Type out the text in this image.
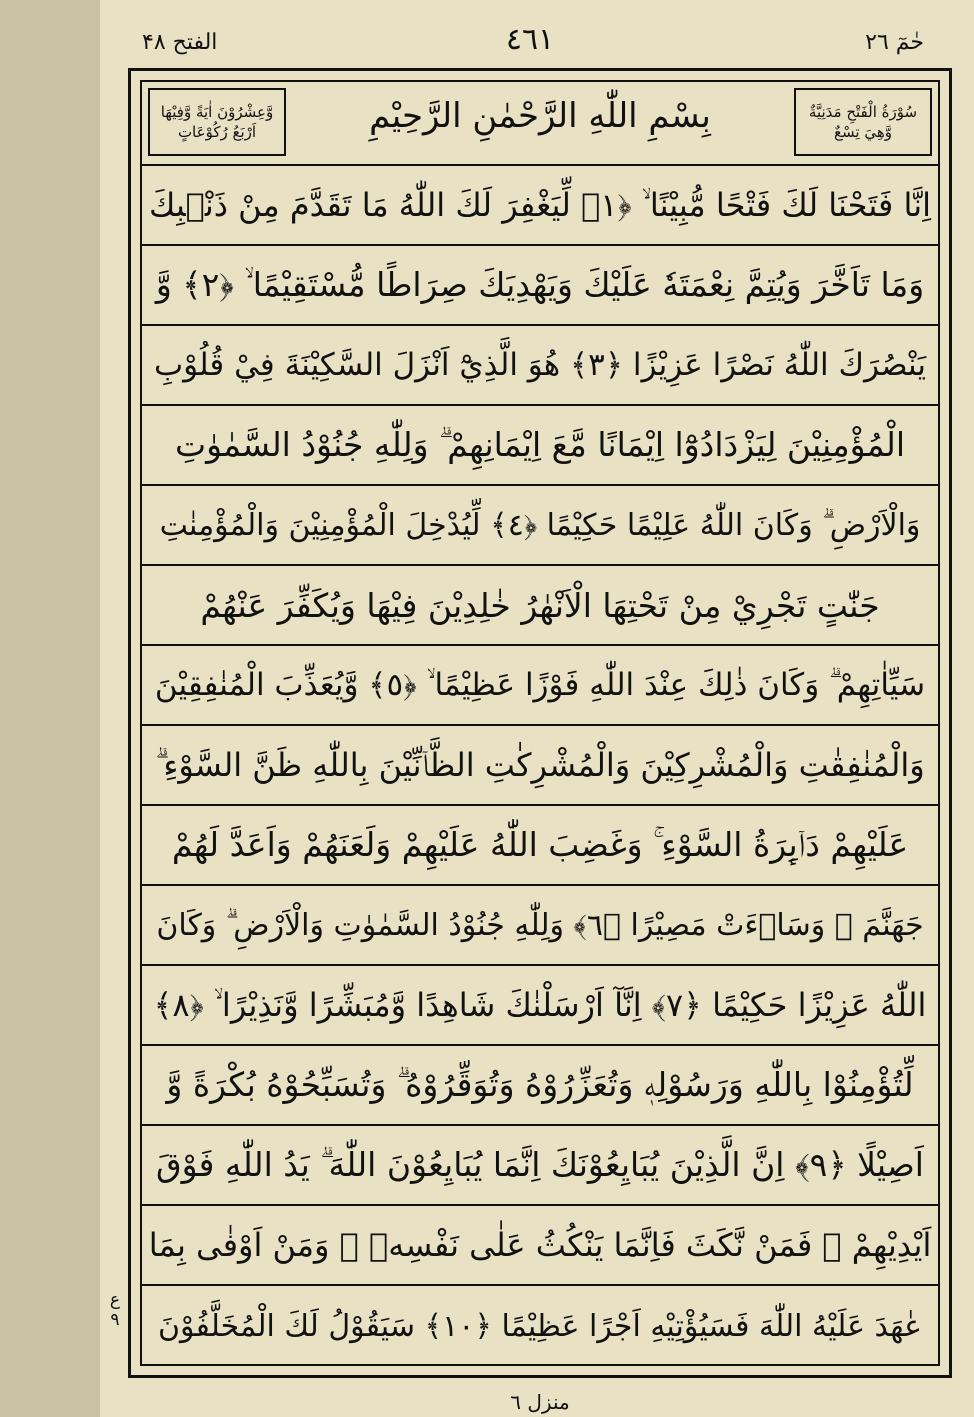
الفتح ۴۸	٤٦١	حٰمٓ ٢٦
وَّعِشْرُوْنَ اٰيَةً وَّفِيْهَا اَرْبَعُ رُكُوْعَاتٍ	بِسْمِ اللّٰهِ الرَّحْمٰنِ الرَّحِيْمِ	سُوْرَةُ الْفَتْحِ مَدَنِيَّةٌ وَّهِيَ تِسْعٌ
اِنَّا فَتَحْنَا لَكَ فَتْحًا مُّبِيْنًا ۙ ﴿١﴾ لِّيَغْفِرَ لَكَ اللّٰهُ مَا تَقَدَّمَ مِنْ ذَنْۢبِكَ
وَمَا تَاَخَّرَ وَيُتِمَّ نِعْمَتَهٗ عَلَيْكَ وَيَهْدِيَكَ صِرَاطًا مُّسْتَقِيْمًا ۙ ﴿٢﴾ وَّ
يَنْصُرَكَ اللّٰهُ نَصْرًا عَزِيْزًا ﴿٣﴾ هُوَ الَّذِيْٓ اَنْزَلَ السَّكِيْنَةَ فِيْ قُلُوْبِ
الْمُؤْمِنِيْنَ لِيَزْدَادُوْٓا اِيْمَانًا مَّعَ اِيْمَانِهِمْ ۗ وَلِلّٰهِ جُنُوْدُ السَّمٰوٰتِ
وَالْاَرْضِ ۗ وَكَانَ اللّٰهُ عَلِيْمًا حَكِيْمًا ﴿٤﴾ لِّيُدْخِلَ الْمُؤْمِنِيْنَ وَالْمُؤْمِنٰتِ
جَنّٰتٍ تَجْرِيْ مِنْ تَحْتِهَا الْاَنْهٰرُ خٰلِدِيْنَ فِيْهَا وَيُكَفِّرَ عَنْهُمْ
سَيِّاٰتِهِمْ ۗ وَكَانَ ذٰلِكَ عِنْدَ اللّٰهِ فَوْزًا عَظِيْمًا ۙ ﴿٥﴾ وَّيُعَذِّبَ الْمُنٰفِقِيْنَ
وَالْمُنٰفِقٰتِ وَالْمُشْرِكِيْنَ وَالْمُشْرِكٰتِ الظَّاۤنِّيْنَ بِاللّٰهِ ظَنَّ السَّوْءِ ۗ
عَلَيْهِمْ دَاۤىِٕرَةُ السَّوْءِ ۚ وَغَضِبَ اللّٰهُ عَلَيْهِمْ وَلَعَنَهُمْ وَاَعَدَّ لَهُمْ
جَهَنَّمَ ۗ وَسَاۤءَتْ مَصِيْرًا ﴿٦﴾ وَلِلّٰهِ جُنُوْدُ السَّمٰوٰتِ وَالْاَرْضِ ۗ وَكَانَ
اللّٰهُ عَزِيْزًا حَكِيْمًا ﴿٧﴾ اِنَّآ اَرْسَلْنٰكَ شَاهِدًا وَّمُبَشِّرًا وَّنَذِيْرًا ۙ ﴿٨﴾
لِّتُؤْمِنُوْا بِاللّٰهِ وَرَسُوْلِهٖ وَتُعَزِّرُوْهُ وَتُوَقِّرُوْهُ ۗ وَتُسَبِّحُوْهُ بُكْرَةً وَّ
اَصِيْلًا ﴿٩﴾ اِنَّ الَّذِيْنَ يُبَايِعُوْنَكَ اِنَّمَا يُبَايِعُوْنَ اللّٰهَ ۗ يَدُ اللّٰهِ فَوْقَ
اَيْدِيْهِمْ ۚ فَمَنْ نَّكَثَ فَاِنَّمَا يَنْكُثُ عَلٰى نَفْسِهٖ ۚ وَمَنْ اَوْفٰى بِمَا
عٰهَدَ عَلَيْهُ اللّٰهَ فَسَيُؤْتِيْهِ اَجْرًا عَظِيْمًا ﴿١٠﴾ سَيَقُوْلُ لَكَ الْمُخَلَّفُوْنَ
ع ٩
منزل ٦
